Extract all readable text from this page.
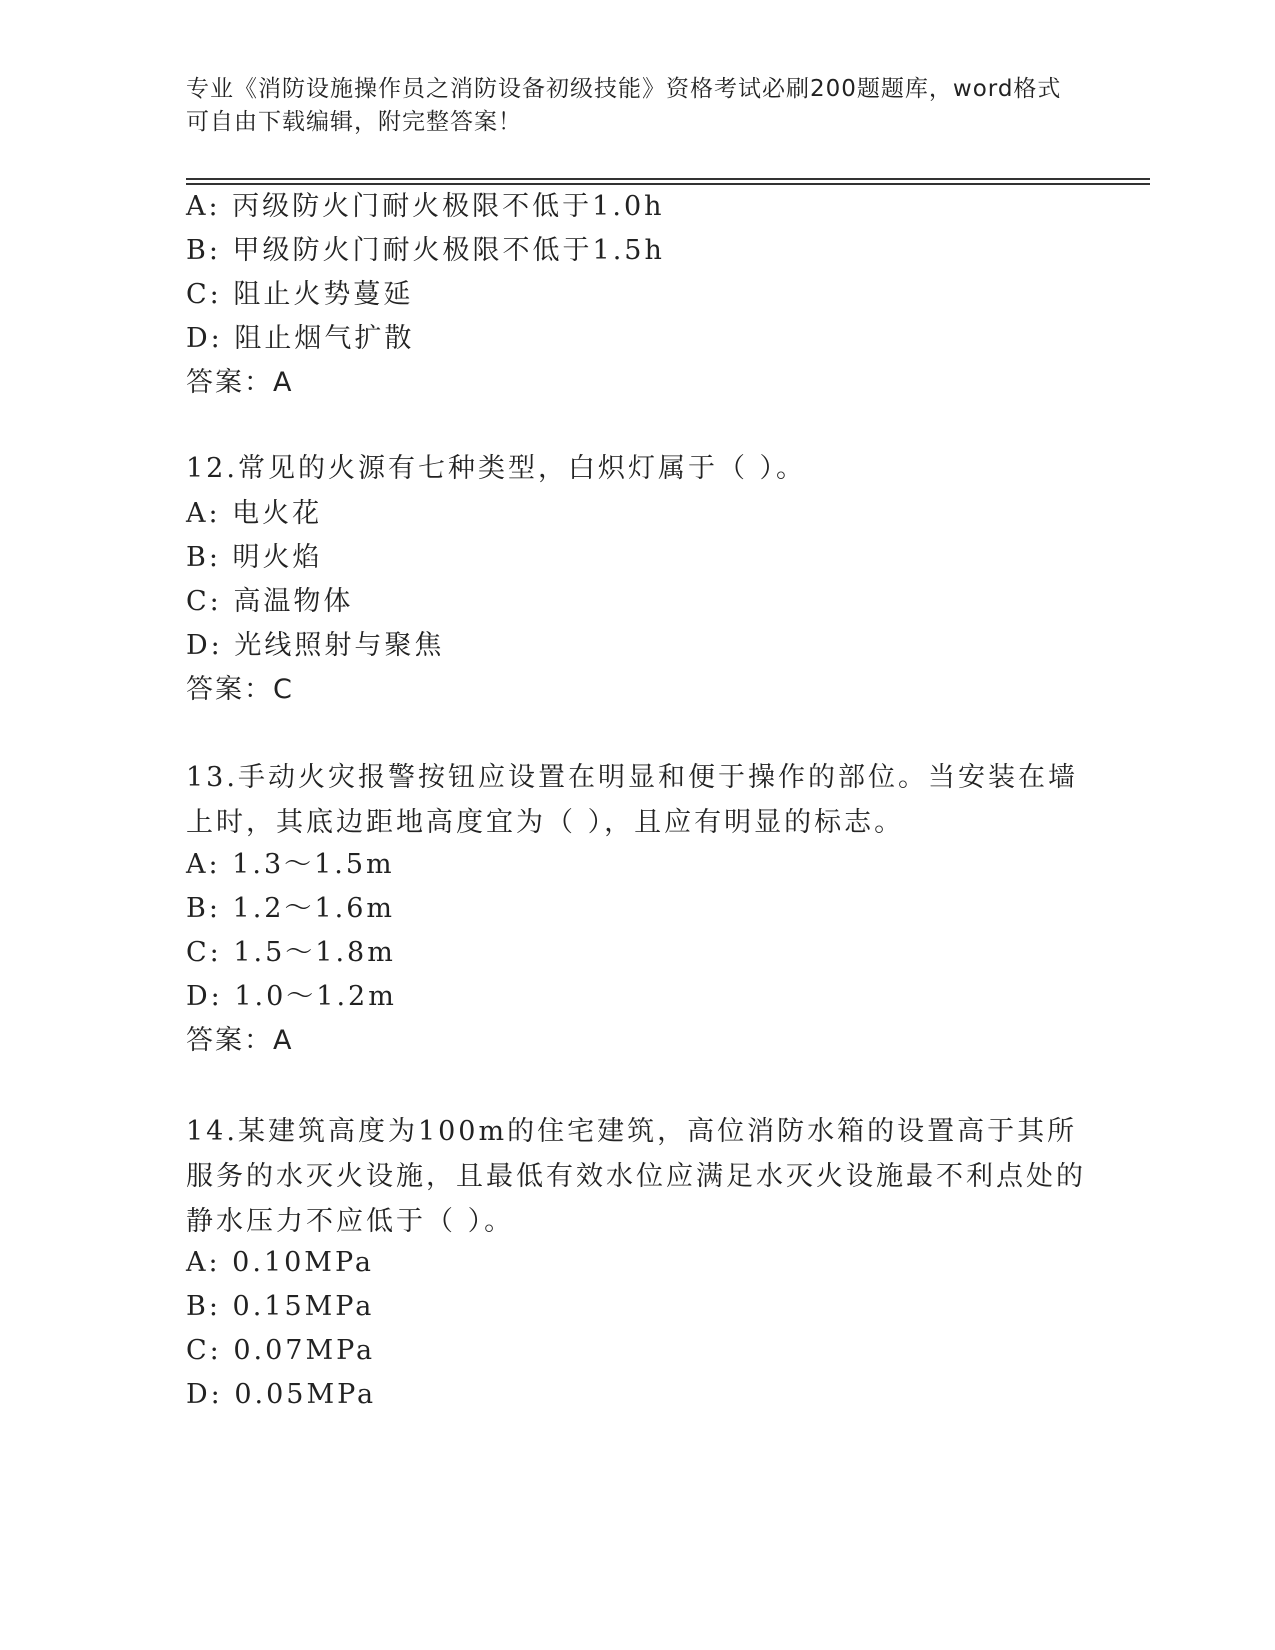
专业《消防设施操作员之消防设备初级技能》资格考试必刷200题题库，word格式可自由下载编辑，附完整答案！
A: 丙级防火门耐火极限不低于1.0h
B: 甲级防火门耐火极限不低于1.5h
C: 阻止火势蔓延
D: 阻止烟气扩散
答案：A
12.常见的火源有七种类型，白炽灯属于（ ）。
A: 电火花
B: 明火焰
C: 高温物体
D: 光线照射与聚焦
答案：C
13.手动火灾报警按钮应设置在明显和便于操作的部位。当安装在墙上时，其底边距地高度宜为（ ），且应有明显的标志。
A: 1.3～1.5m
B: 1.2～1.6m
C: 1.5～1.8m
D: 1.0～1.2m
答案：A
14.某建筑高度为100m的住宅建筑，高位消防水箱的设置高于其所服务的水灭火设施，且最低有效水位应满足水灭火设施最不利点处的静水压力不应低于（ ）。
A: 0.10MPa
B: 0.15MPa
C: 0.07MPa
D: 0.05MPa
